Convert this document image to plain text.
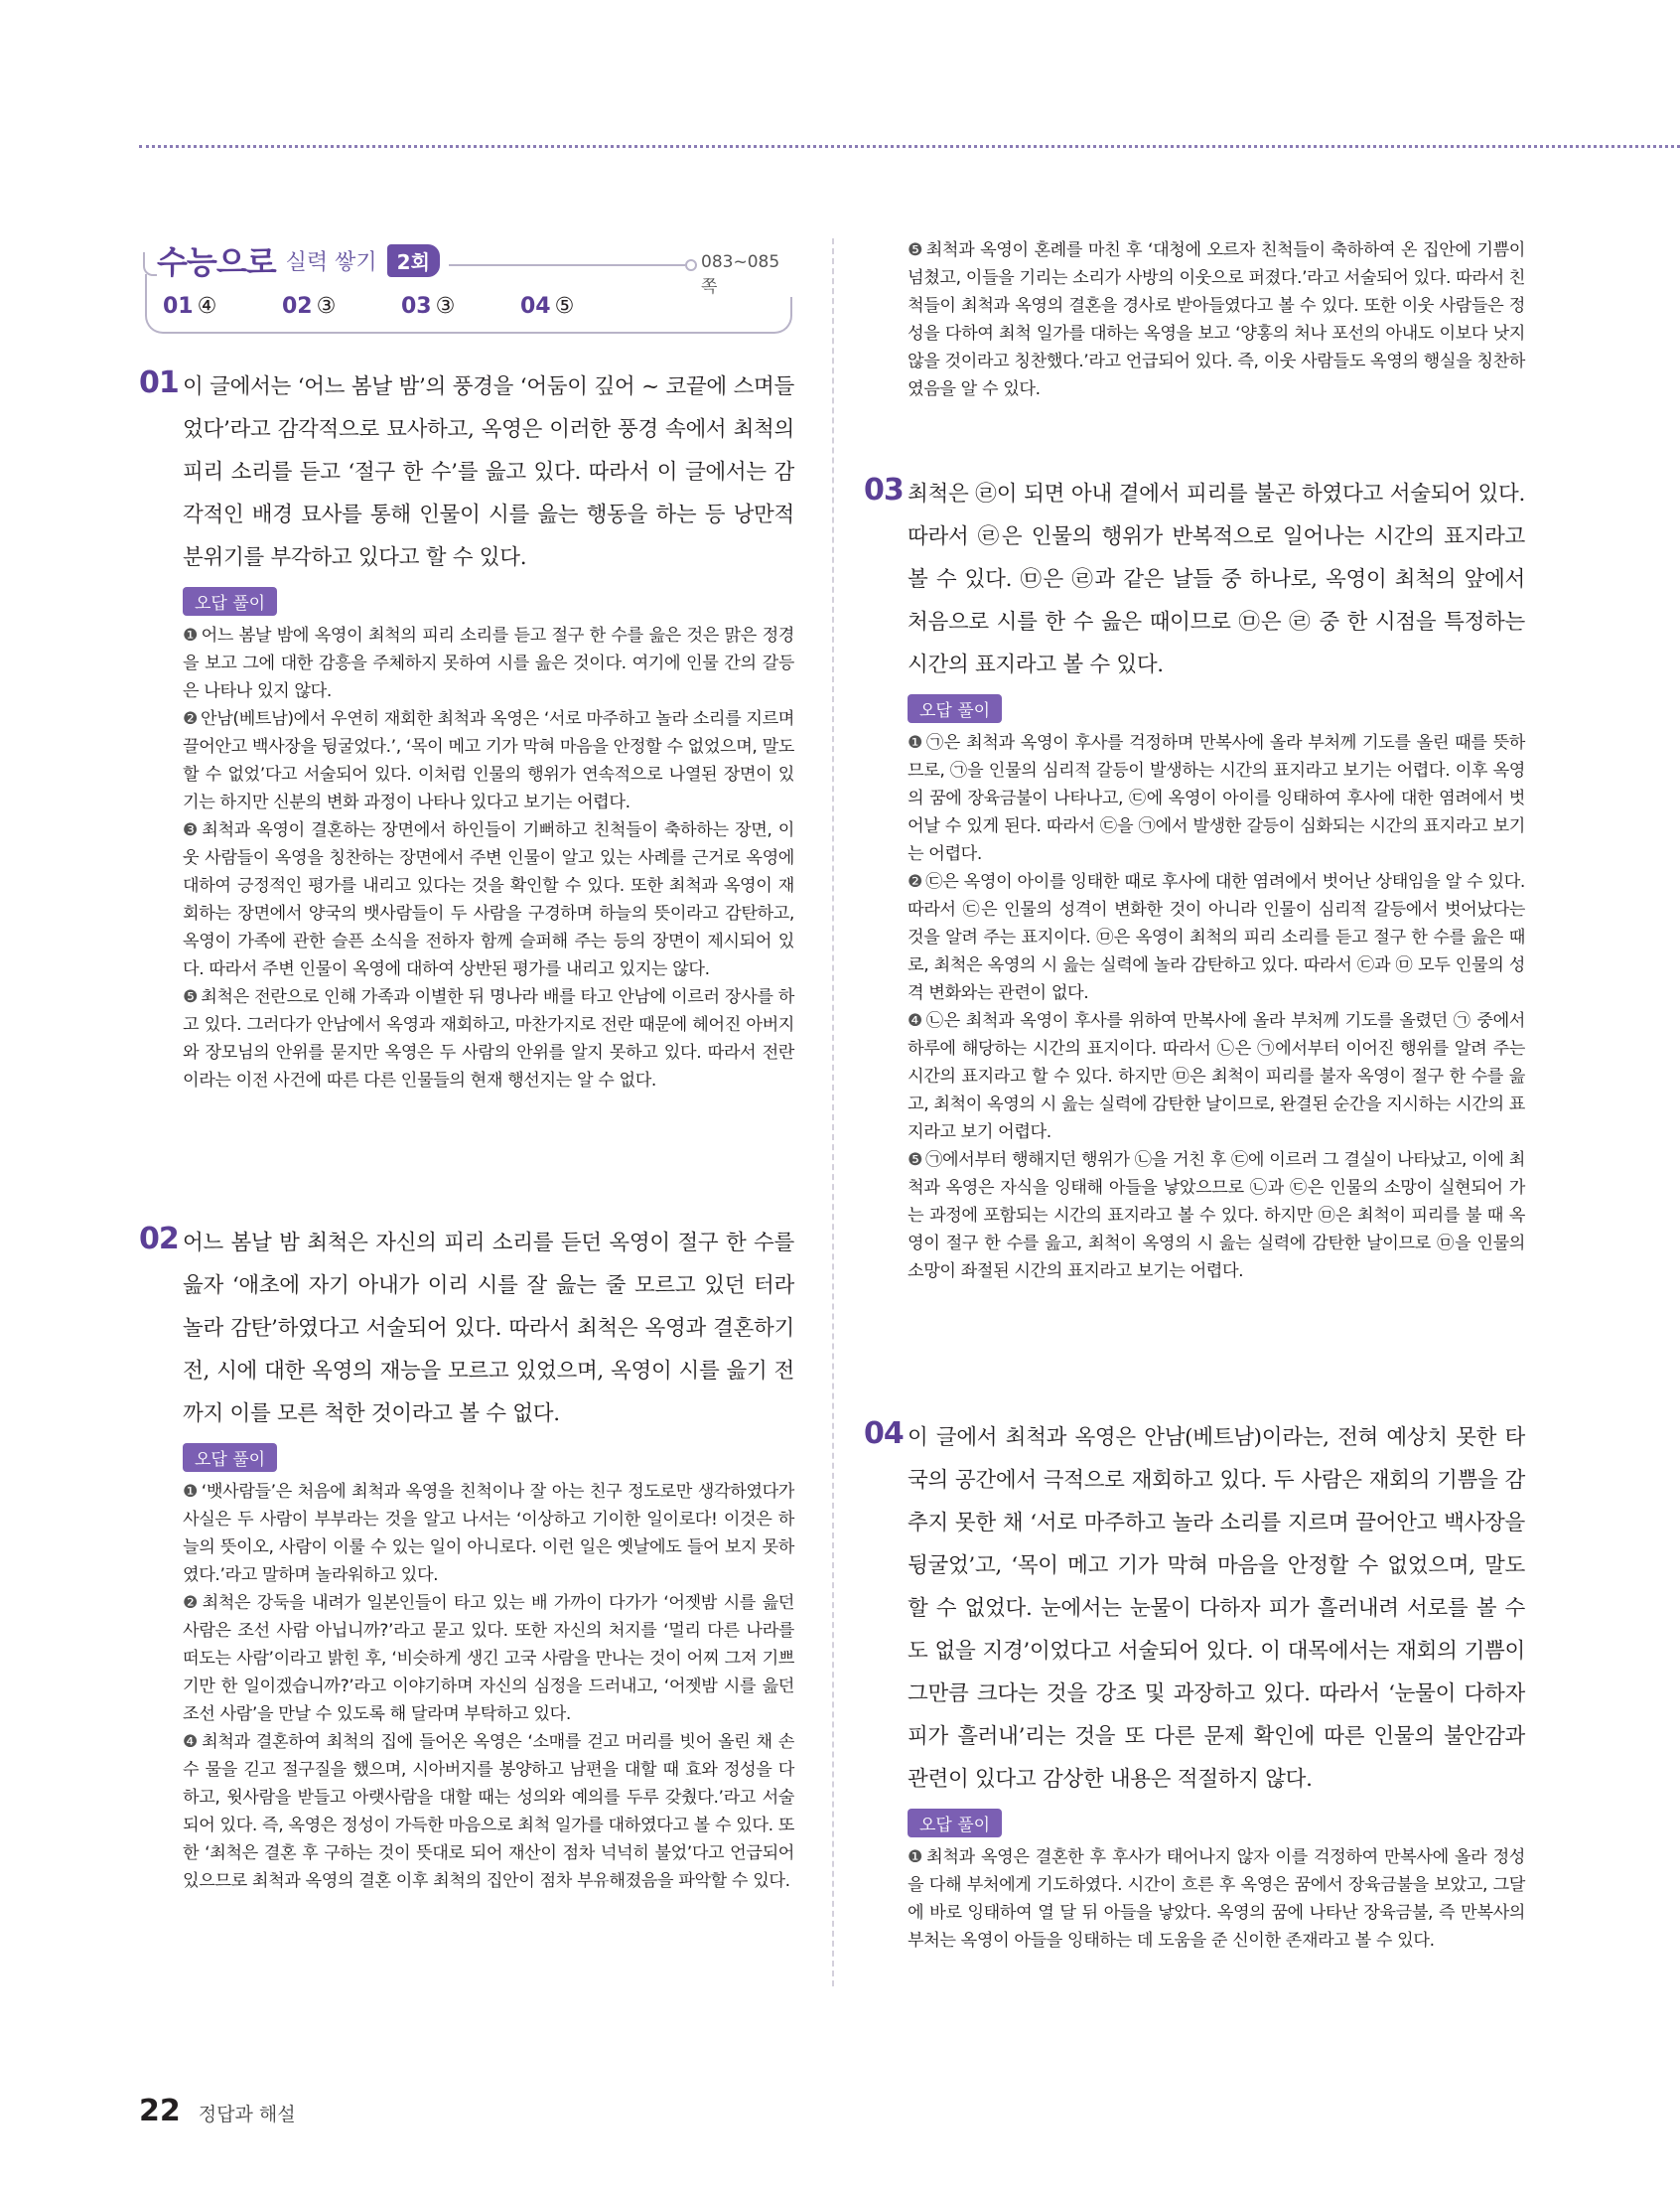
수능으로 실력 쌓기	2회	083~085쪽
01 ④	02 ③	03 ③	04 ⑤
01 이 글에서는 ‘어느 봄날 밤’의 풍경을 ‘어둠이 깊어 ~ 코끝에 스며들었다’라고 감각적으로 묘사하고, 옥영은 이러한 풍경 속에서 최척의 피리 소리를 듣고 ‘절구 한 수’를 읊고 있다. 따라서 이 글에서는 감각적인 배경 묘사를 통해 인물이 시를 읊는 행동을 하는 등 낭만적 분위기를 부각하고 있다고 할 수 있다.
오답 풀이

❶ 어느 봄날 밤에 옥영이 최척의 피리 소리를 듣고 절구 한 수를 읊은 것은 맑은 정경을 보고 그에 대한 감흥을 주체하지 못하여 시를 읊은 것이다. 여기에 인물 간의 갈등은 나타나 있지 않다.

❷ 안남(베트남)에서 우연히 재회한 최척과 옥영은 ‘서로 마주하고 놀라 소리를 지르며 끌어안고 백사장을 뒹굴었다.’, ‘목이 메고 기가 막혀 마음을 안정할 수 없었으며, 말도 할 수 없었’다고 서술되어 있다. 이처럼 인물의 행위가 연속적으로 나열된 장면이 있기는 하지만 신분의 변화 과정이 나타나 있다고 보기는 어렵다.

❸ 최척과 옥영이 결혼하는 장면에서 하인들이 기뻐하고 친척들이 축하하는 장면, 이웃 사람들이 옥영을 칭찬하는 장면에서 주변 인물이 알고 있는 사례를 근거로 옥영에 대하여 긍정적인 평가를 내리고 있다는 것을 확인할 수 있다. 또한 최척과 옥영이 재회하는 장면에서 양국의 뱃사람들이 두 사람을 구경하며 하늘의 뜻이라고 감탄하고, 옥영이 가족에 관한 슬픈 소식을 전하자 함께 슬퍼해 주는 등의 장면이 제시되어 있다. 따라서 주변 인물이 옥영에 대하여 상반된 평가를 내리고 있지는 않다.

❺ 최척은 전란으로 인해 가족과 이별한 뒤 명나라 배를 타고 안남에 이르러 장사를 하고 있다. 그러다가 안남에서 옥영과 재회하고, 마찬가지로 전란 때문에 헤어진 아버지와 장모님의 안위를 묻지만 옥영은 두 사람의 안위를 알지 못하고 있다. 따라서 전란이라는 이전 사건에 따른 다른 인물들의 현재 행선지는 알 수 없다.

02 어느 봄날 밤 최척은 자신의 피리 소리를 듣던 옥영이 절구 한 수를 읊자 ‘애초에 자기 아내가 이리 시를 잘 읊는 줄 모르고 있던 터라 놀라 감탄’하였다고 서술되어 있다. 따라서 최척은 옥영과 결혼하기 전, 시에 대한 옥영의 재능을 모르고 있었으며, 옥영이 시를 읊기 전까지 이를 모른 척한 것이라고 볼 수 없다.
오답 풀이

❶ ‘뱃사람들’은 처음에 최척과 옥영을 친척이나 잘 아는 친구 정도로만 생각하였다가 사실은 두 사람이 부부라는 것을 알고 나서는 ‘이상하고 기이한 일이로다! 이것은 하늘의 뜻이오, 사람이 이룰 수 있는 일이 아니로다. 이런 일은 옛날에도 들어 보지 못하였다.’라고 말하며 놀라워하고 있다.

❷ 최척은 강둑을 내려가 일본인들이 타고 있는 배 가까이 다가가 ‘어젯밤 시를 읊던 사람은 조선 사람 아닙니까?’라고 묻고 있다. 또한 자신의 처지를 ‘멀리 다른 나라를 떠도는 사람’이라고 밝힌 후, ‘비슷하게 생긴 고국 사람을 만나는 것이 어찌 그저 기쁘기만 한 일이겠습니까?’라고 이야기하며 자신의 심정을 드러내고, ‘어젯밤 시를 읊던 조선 사람’을 만날 수 있도록 해 달라며 부탁하고 있다.

❹ 최척과 결혼하여 최척의 집에 들어온 옥영은 ‘소매를 걷고 머리를 빗어 올린 채 손수 물을 긷고 절구질을 했으며, 시아버지를 봉양하고 남편을 대할 때 효와 정성을 다하고, 윗사람을 받들고 아랫사람을 대할 때는 성의와 예의를 두루 갖췄다.’라고 서술되어 있다. 즉, 옥영은 정성이 가득한 마음으로 최척 일가를 대하였다고 볼 수 있다. 또한 ‘최척은 결혼 후 구하는 것이 뜻대로 되어 재산이 점차 넉넉히 불었’다고 언급되어 있으므로 최척과 옥영의 결혼 이후 최척의 집안이 점차 부유해졌음을 파악할 수 있다.

❺ 최척과 옥영이 혼례를 마친 후 ‘대청에 오르자 친척들이 축하하여 온 집안에 기쁨이 넘쳤고, 이들을 기리는 소리가 사방의 이웃으로 퍼졌다.’라고 서술되어 있다. 따라서 친척들이 최척과 옥영의 결혼을 경사로 받아들였다고 볼 수 있다. 또한 이웃 사람들은 정성을 다하여 최척 일가를 대하는 옥영을 보고 ‘양홍의 처나 포선의 아내도 이보다 낫지 않을 것이라고 칭찬했다.’라고 언급되어 있다. 즉, 이웃 사람들도 옥영의 행실을 칭찬하였음을 알 수 있다.

03 최척은 ㉣이 되면 아내 곁에서 피리를 불곤 하였다고 서술되어 있다. 따라서 ㉣은 인물의 행위가 반복적으로 일어나는 시간의 표지라고 볼 수 있다. ㉤은 ㉣과 같은 날들 중 하나로, 옥영이 최척의 앞에서 처음으로 시를 한 수 읊은 때이므로 ㉤은 ㉣ 중 한 시점을 특정하는 시간의 표지라고 볼 수 있다.
오답 풀이

❶ ㉠은 최척과 옥영이 후사를 걱정하며 만복사에 올라 부처께 기도를 올린 때를 뜻하므로, ㉠을 인물의 심리적 갈등이 발생하는 시간의 표지라고 보기는 어렵다. 이후 옥영의 꿈에 장육금불이 나타나고, ㉢에 옥영이 아이를 잉태하여 후사에 대한 염려에서 벗어날 수 있게 된다. 따라서 ㉢을 ㉠에서 발생한 갈등이 심화되는 시간의 표지라고 보기는 어렵다.

❷ ㉢은 옥영이 아이를 잉태한 때로 후사에 대한 염려에서 벗어난 상태임을 알 수 있다. 따라서 ㉢은 인물의 성격이 변화한 것이 아니라 인물이 심리적 갈등에서 벗어났다는 것을 알려 주는 표지이다. ㉤은 옥영이 최척의 피리 소리를 듣고 절구 한 수를 읊은 때로, 최척은 옥영의 시 읊는 실력에 놀라 감탄하고 있다. 따라서 ㉢과 ㉤ 모두 인물의 성격 변화와는 관련이 없다.

❹ ㉡은 최척과 옥영이 후사를 위하여 만복사에 올라 부처께 기도를 올렸던 ㉠ 중에서 하루에 해당하는 시간의 표지이다. 따라서 ㉡은 ㉠에서부터 이어진 행위를 알려 주는 시간의 표지라고 할 수 있다. 하지만 ㉤은 최척이 피리를 불자 옥영이 절구 한 수를 읊고, 최척이 옥영의 시 읊는 실력에 감탄한 날이므로, 완결된 순간을 지시하는 시간의 표지라고 보기 어렵다.

❺ ㉠에서부터 행해지던 행위가 ㉡을 거친 후 ㉢에 이르러 그 결실이 나타났고, 이에 최척과 옥영은 자식을 잉태해 아들을 낳았으므로 ㉡과 ㉢은 인물의 소망이 실현되어 가는 과정에 포함되는 시간의 표지라고 볼 수 있다. 하지만 ㉤은 최척이 피리를 불 때 옥영이 절구 한 수를 읊고, 최척이 옥영의 시 읊는 실력에 감탄한 날이므로 ㉤을 인물의 소망이 좌절된 시간의 표지라고 보기는 어렵다.

04 이 글에서 최척과 옥영은 안남(베트남)이라는, 전혀 예상치 못한 타국의 공간에서 극적으로 재회하고 있다. 두 사람은 재회의 기쁨을 감추지 못한 채 ‘서로 마주하고 놀라 소리를 지르며 끌어안고 백사장을 뒹굴었’고, ‘목이 메고 기가 막혀 마음을 안정할 수 없었으며, 말도 할 수 없었다. 눈에서는 눈물이 다하자 피가 흘러내려 서로를 볼 수도 없을 지경’이었다고 서술되어 있다. 이 대목에서는 재회의 기쁨이 그만큼 크다는 것을 강조 및 과장하고 있다. 따라서 ‘눈물이 다하자 피가 흘러내’리는 것을 또 다른 문제 확인에 따른 인물의 불안감과 관련이 있다고 감상한 내용은 적절하지 않다.
오답 풀이

❶ 최척과 옥영은 결혼한 후 후사가 태어나지 않자 이를 걱정하여 만복사에 올라 정성을 다해 부처에게 기도하였다. 시간이 흐른 후 옥영은 꿈에서 장육금불을 보았고, 그달에 바로 잉태하여 열 달 뒤 아들을 낳았다. 옥영의 꿈에 나타난 장육금불, 즉 만복사의 부처는 옥영이 아들을 잉태하는 데 도움을 준 신이한 존재라고 볼 수 있다.

22 정답과 해설
